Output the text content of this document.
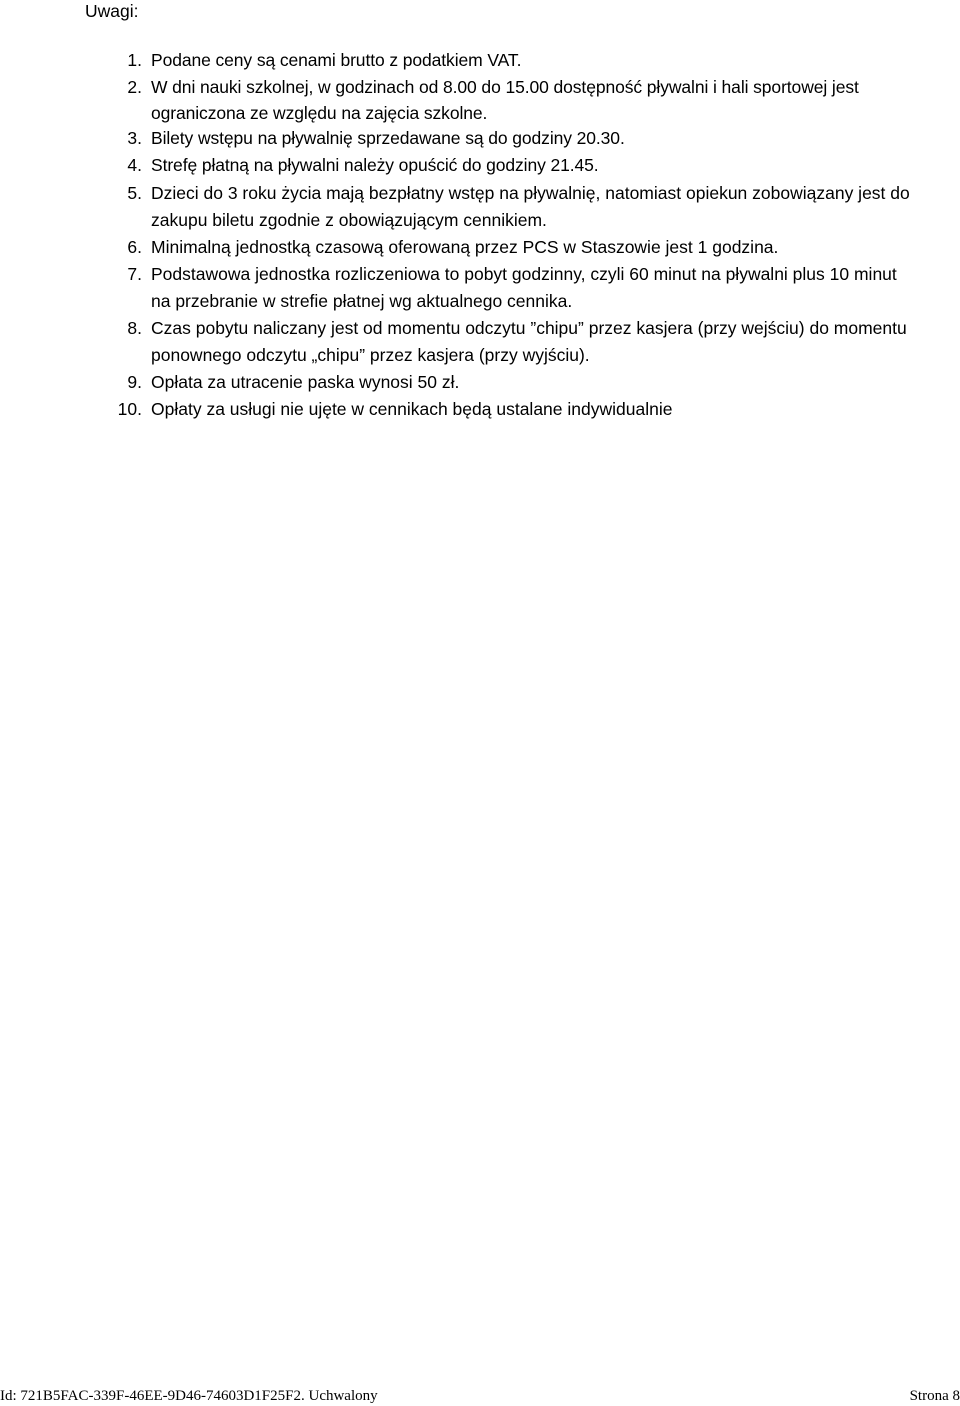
Uwagi:
1. Podane ceny są cenami brutto z podatkiem VAT.
2. W dni nauki szkolnej, w godzinach od 8.00 do 15.00 dostępność pływalni i hali sportowej jest ograniczona ze względu na zajęcia szkolne.
3. Bilety wstępu na pływalnię sprzedawane są do godziny 20.30.
4. Strefę płatną na pływalni należy opuścić do godziny 21.45.
5. Dzieci do 3 roku życia mają bezpłatny wstęp na pływalnię, natomiast opiekun zobowiązany jest do zakupu biletu zgodnie z obowiązującym cennikiem.
6. Minimalną jednostką czasową oferowaną przez PCS w Staszowie jest 1 godzina.
7. Podstawowa jednostka rozliczeniowa to pobyt godzinny, czyli 60 minut na pływalni plus 10 minut na przebranie w strefie płatnej wg aktualnego cennika.
8. Czas pobytu naliczany jest od momentu odczytu ”chipu” przez kasjera (przy wejściu) do momentu ponownego odczytu „chipu” przez kasjera (przy wyjściu).
9. Opłata za utracenie paska wynosi 50 zł.
10. Opłaty za usługi nie ujęte w cennikach będą ustalane indywidualnie
Id: 721B5FAC-339F-46EE-9D46-74603D1F25F2. Uchwalony	Strona 8
